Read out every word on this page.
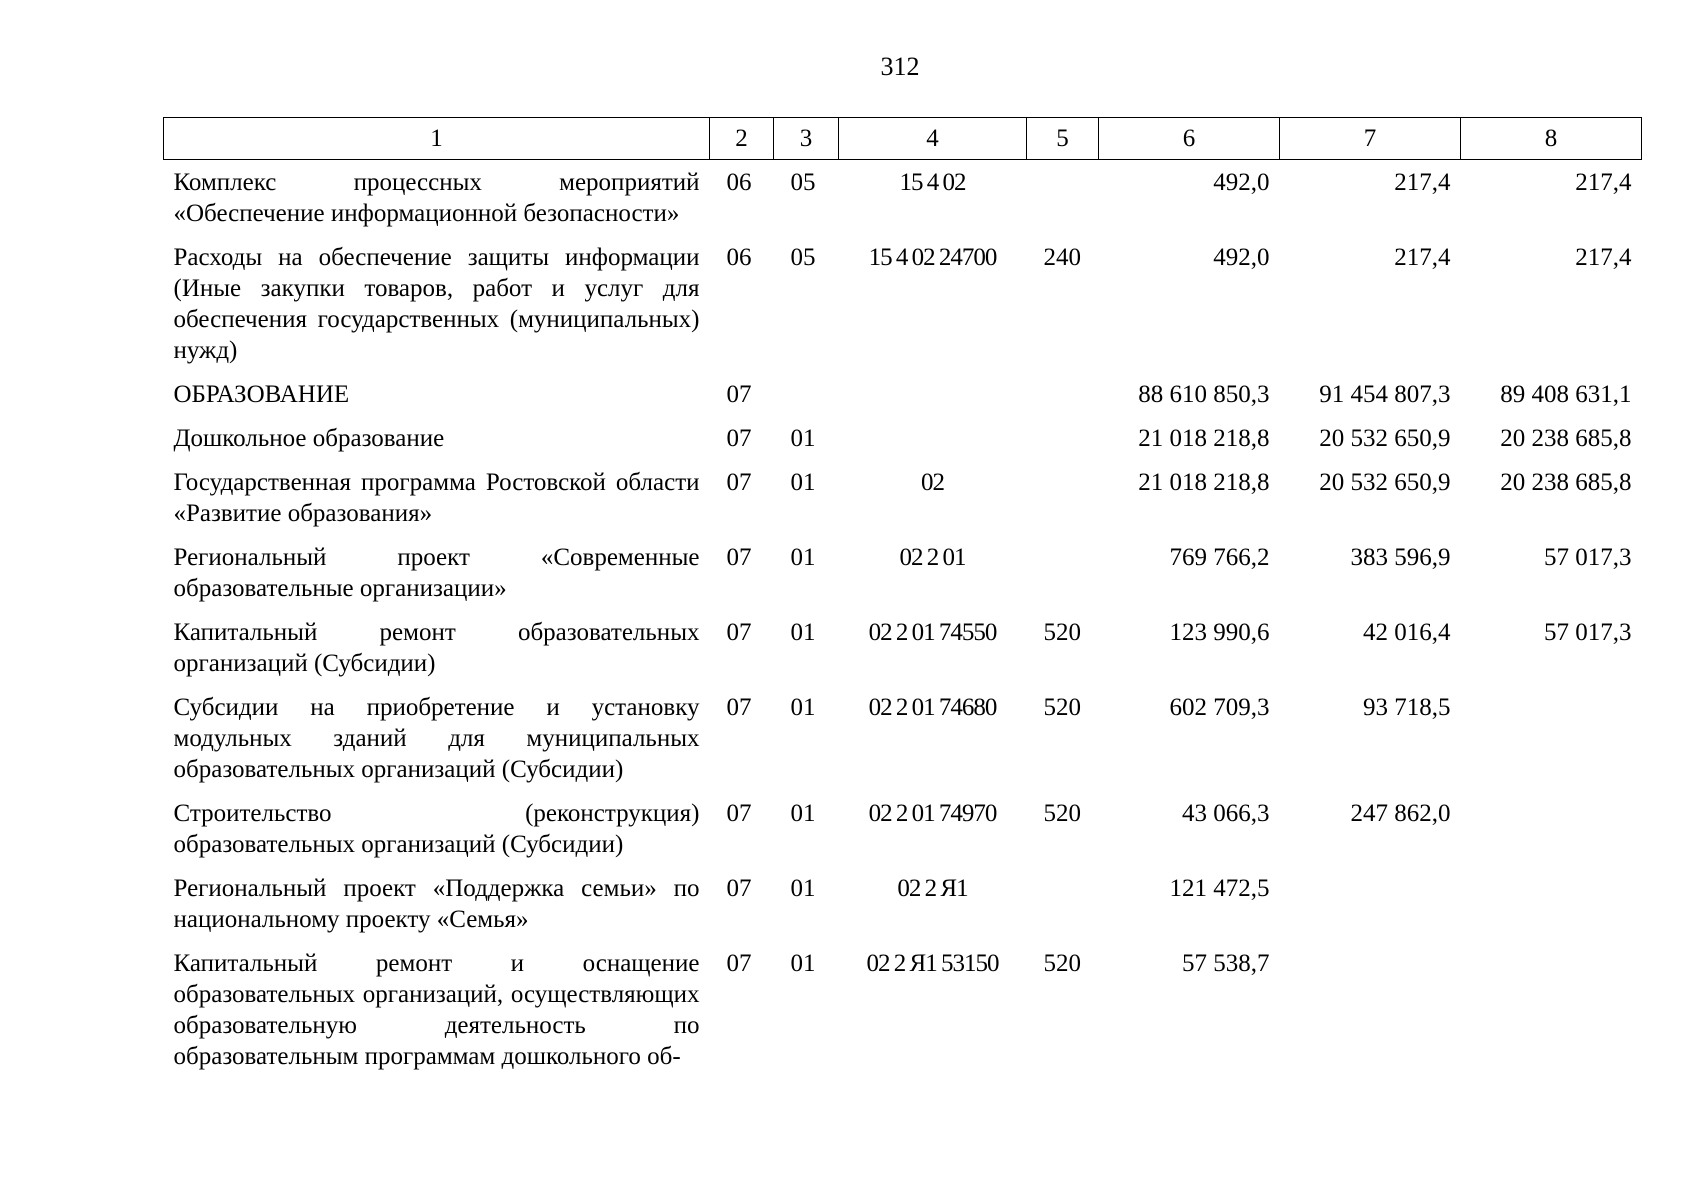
312
1	2	3	4	5	6	7	8
Комплекс процессных мероприятий «Обеспечение информационной безопасности»	06	05	15 4 02		492,0	217,4	217,4
Расходы на обеспечение защиты информации (Иные закупки товаров, работ и услуг для обеспечения государственных (муниципальных) нужд)	06	05	15 4 02 24700	240	492,0	217,4	217,4
ОБРАЗОВАНИЕ	07				88 610 850,3	91 454 807,3	89 408 631,1
Дошкольное образование	07	01			21 018 218,8	20 532 650,9	20 238 685,8
Государственная программа Ростовской области «Развитие образования»	07	01	02		21 018 218,8	20 532 650,9	20 238 685,8
Региональный проект «Современные образовательные организации»	07	01	02 2 01		769 766,2	383 596,9	57 017,3
Капитальный ремонт образовательных организаций (Субсидии)	07	01	02 2 01 74550	520	123 990,6	42 016,4	57 017,3
Субсидии на приобретение и установку модульных зданий для муниципальных образовательных организаций (Субсидии)	07	01	02 2 01 74680	520	602 709,3	93 718,5	
Строительство (реконструкция) образовательных организаций (Субсидии)	07	01	02 2 01 74970	520	43 066,3	247 862,0	
Региональный проект «Поддержка семьи» по национальному проекту «Семья»	07	01	02 2 Я1		121 472,5		
Капитальный ремонт и оснащение образовательных организаций, осуществляющих образовательную деятельность по образовательным программам дошкольного об-	07	01	02 2 Я1 53150	520	57 538,7		
